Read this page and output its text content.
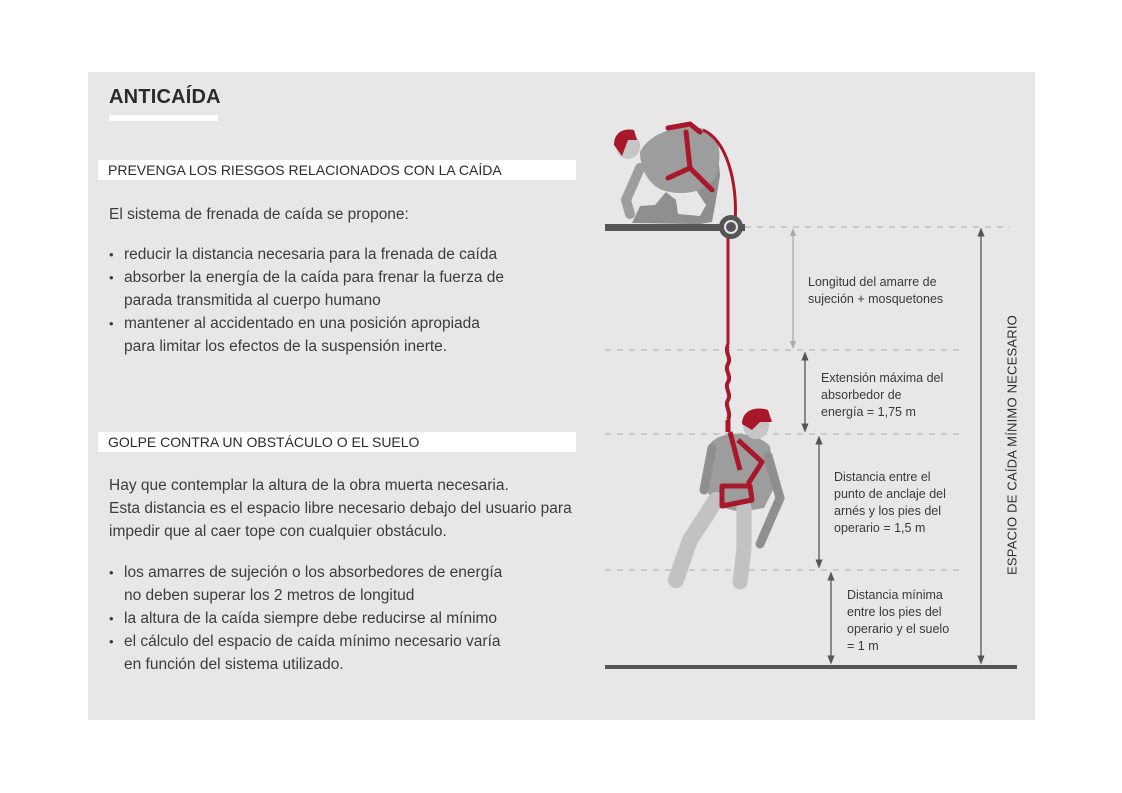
ANTICAÍDA
PREVENGA LOS RIESGOS RELACIONADOS CON LA CAÍDA
El sistema de frenada de caída se propone:
• reducir la distancia necesaria para la frenada de caída
• absorber la energía de la caída para frenar la fuerza de
parada transmitida al cuerpo humano
• mantener al accidentado en una posición apropiada
para limitar los efectos de la suspensión inerte.
GOLPE CONTRA UN OBSTÁCULO O EL SUELO
Hay que contemplar la altura de la obra muerta necesaria.
Esta distancia es el espacio libre necesario debajo del usuario para
impedir que al caer tope con cualquier obstáculo.
• los amarres de sujeción o los absorbedores de energía
no deben superar los 2 metros de longitud
• la altura de la caída siempre debe reducirse al mínimo
• el cálculo del espacio de caída mínimo necesario varía
en función del sistema utilizado.
Longitud del amarre de
sujeción + mosquetones
Extensión máxima del
absorbedor de
energía = 1,75 m
Distancia entre el
punto de anclaje del
arnés y los pies del
operario = 1,5 m
Distancia mínima
entre los pies del
operario y el suelo
= 1 m
ESPACIO DE CAÍDA MÍNIMO NECESARIO
